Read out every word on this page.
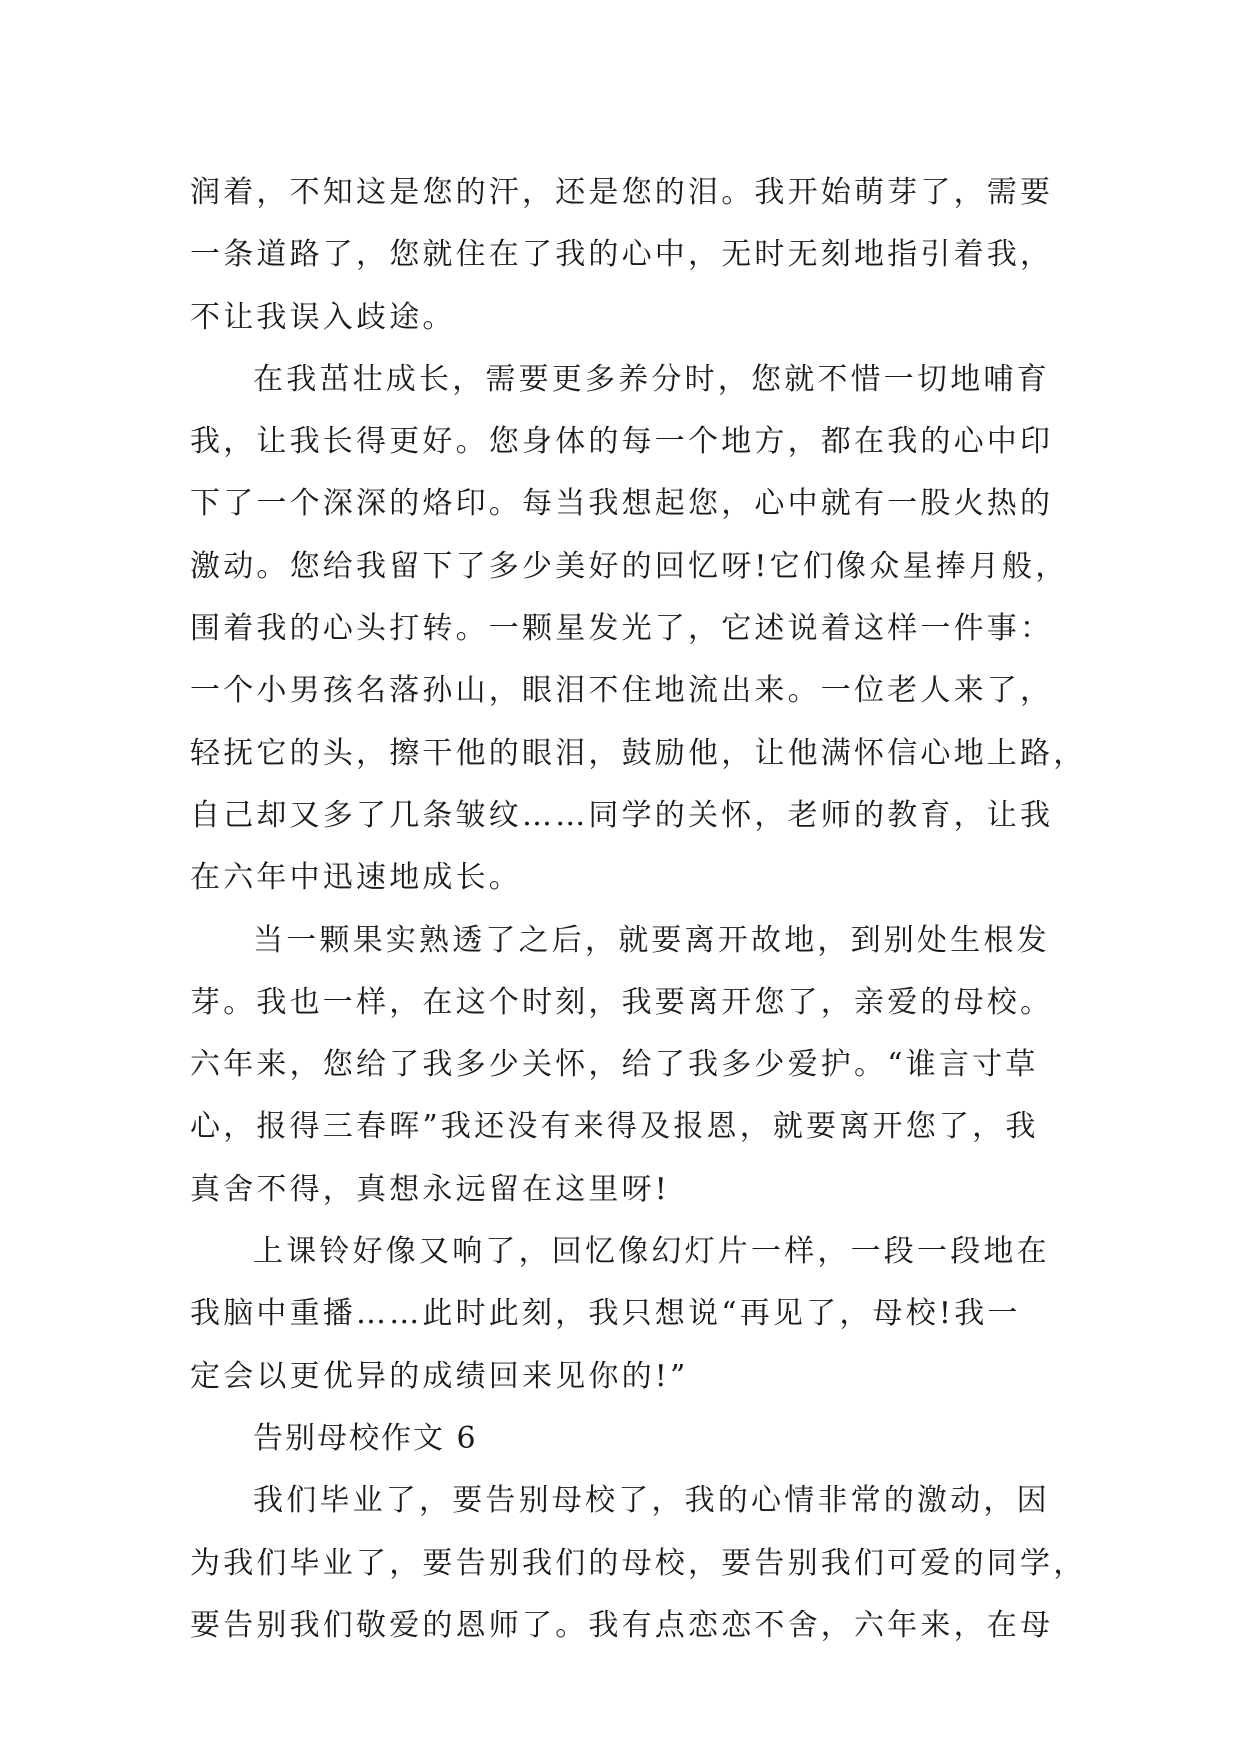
润着，不知这是您的汗，还是您的泪。我开始萌芽了，需要
一条道路了，您就住在了我的心中，无时无刻地指引着我，
不让我误入歧途。
在我茁壮成长，需要更多养分时，您就不惜一切地哺育
我，让我长得更好。您身体的每一个地方，都在我的心中印
下了一个深深的烙印。每当我想起您，心中就有一股火热的
激动。您给我留下了多少美好的回忆呀!它们像众星捧月般，
围着我的心头打转。一颗星发光了，它述说着这样一件事：
一个小男孩名落孙山，眼泪不住地流出来。一位老人来了，
轻抚它的头，擦干他的眼泪，鼓励他，让他满怀信心地上路，
自己却又多了几条皱纹……同学的关怀，老师的教育，让我
在六年中迅速地成长。
当一颗果实熟透了之后，就要离开故地，到别处生根发
芽。我也一样，在这个时刻，我要离开您了，亲爱的母校。
六年来，您给了我多少关怀，给了我多少爱护。“谁言寸草
心，报得三春晖”我还没有来得及报恩，就要离开您了，我
真舍不得，真想永远留在这里呀!
上课铃好像又响了，回忆像幻灯片一样，一段一段地在
我脑中重播……此时此刻，我只想说“再见了，母校!我一
定会以更优异的成绩回来见你的!”
告别母校作文 6
我们毕业了，要告别母校了，我的心情非常的激动，因
为我们毕业了，要告别我们的母校，要告别我们可爱的同学，
要告别我们敬爱的恩师了。我有点恋恋不舍，六年来，在母
